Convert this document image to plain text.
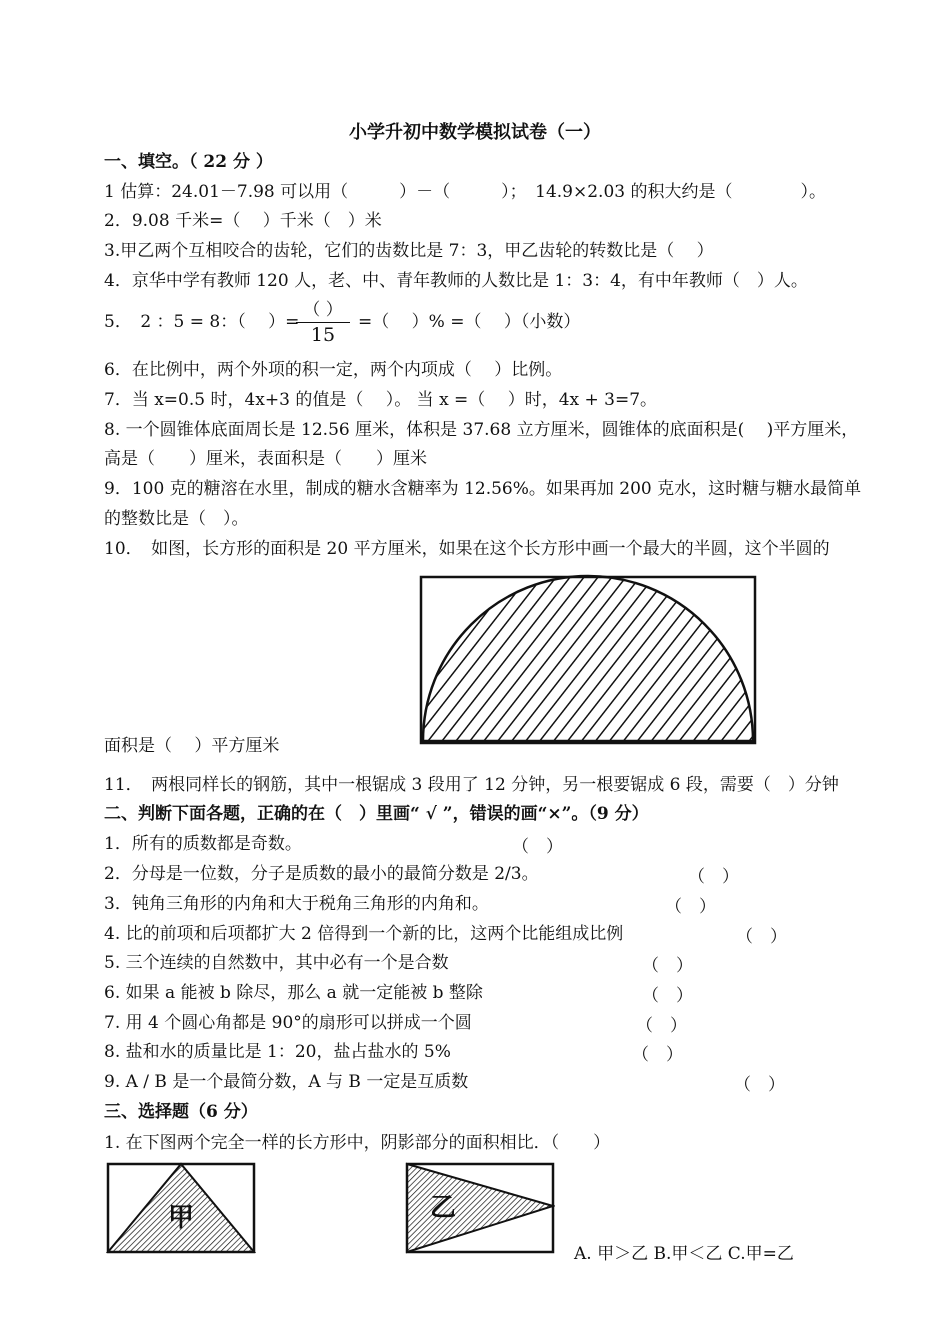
小学升初中数学模拟试卷（一）
一、填空。（ 22 分 ）
1 估算：24.01－7.98 可以用（　　　）－（　　　）；　14.9×2.03 的积大约是（　　　　）。
2．9.08 千米=（　 ）千米（　）米
3.甲乙两个互相咬合的齿轮，它们的齿数比是 7：3，甲乙齿轮的转数比是（　 ）
4．京华中学有教师 120 人，老、中、青年教师的人数比是 1：3：4，有中年教师（　）人。
5．　2 ：5 = 8：（　 ）=
（ ）
15
=（　 ）% =（　 ）（小数）
6．在比例中，两个外项的积一定，两个内项成（　 ）比例。
7．当 x=0.5 时，4x+3 的值是（　 ）。 当 x =（　 ）时，4x + 3=7。
8. 一个圆锥体底面周长是 12.56 厘米，体积是 37.68 立方厘米，圆锥体的底面积是(　 )平方厘米，
高是（　　）厘米，表面积是（　　）厘米
9．100 克的糖溶在水里，制成的糖水含糖率为 12.56%。如果再加 200 克水，这时糖与糖水最简单
的整数比是（　）。
10．　如图，长方形的面积是 20 平方厘米，如果在这个长方形中画一个最大的半圆，这个半圆的
面积是（　 ）平方厘米
11．　两根同样长的钢筋，其中一根锯成 3 段用了 12 分钟，另一根要锯成 6 段，需要（　）分钟
二、判断下面各题，正确的在（　）里画“ √ ”，错误的画“×”。（9 分）
1．所有的质数都是奇数。	（　）
2．分母是一位数，分子是质数的最小的最简分数是 2/3。	（　）
3．钝角三角形的内角和大于税角三角形的内角和。	（　）
4. 比的前项和后项都扩大 2 倍得到一个新的比，这两个比能组成比例	（　）
5. 三个连续的自然数中，其中必有一个是合数	（　）
6. 如果 a 能被 b 除尽，那么 a 就一定能被 b 整除	（　）
7. 用 4 个圆心角都是 90°的扇形可以拼成一个圆	（　）
8. 盐和水的质量比是 1：20，盐占盐水的 5%	（　）
9. A / B 是一个最简分数，A 与 B 一定是互质数	（　）
三、选择题（6 分）
1. 在下图两个完全一样的长方形中，阴影部分的面积相比．（　　）
甲	乙
A. 甲＞乙 B.甲＜乙 C.甲=乙
